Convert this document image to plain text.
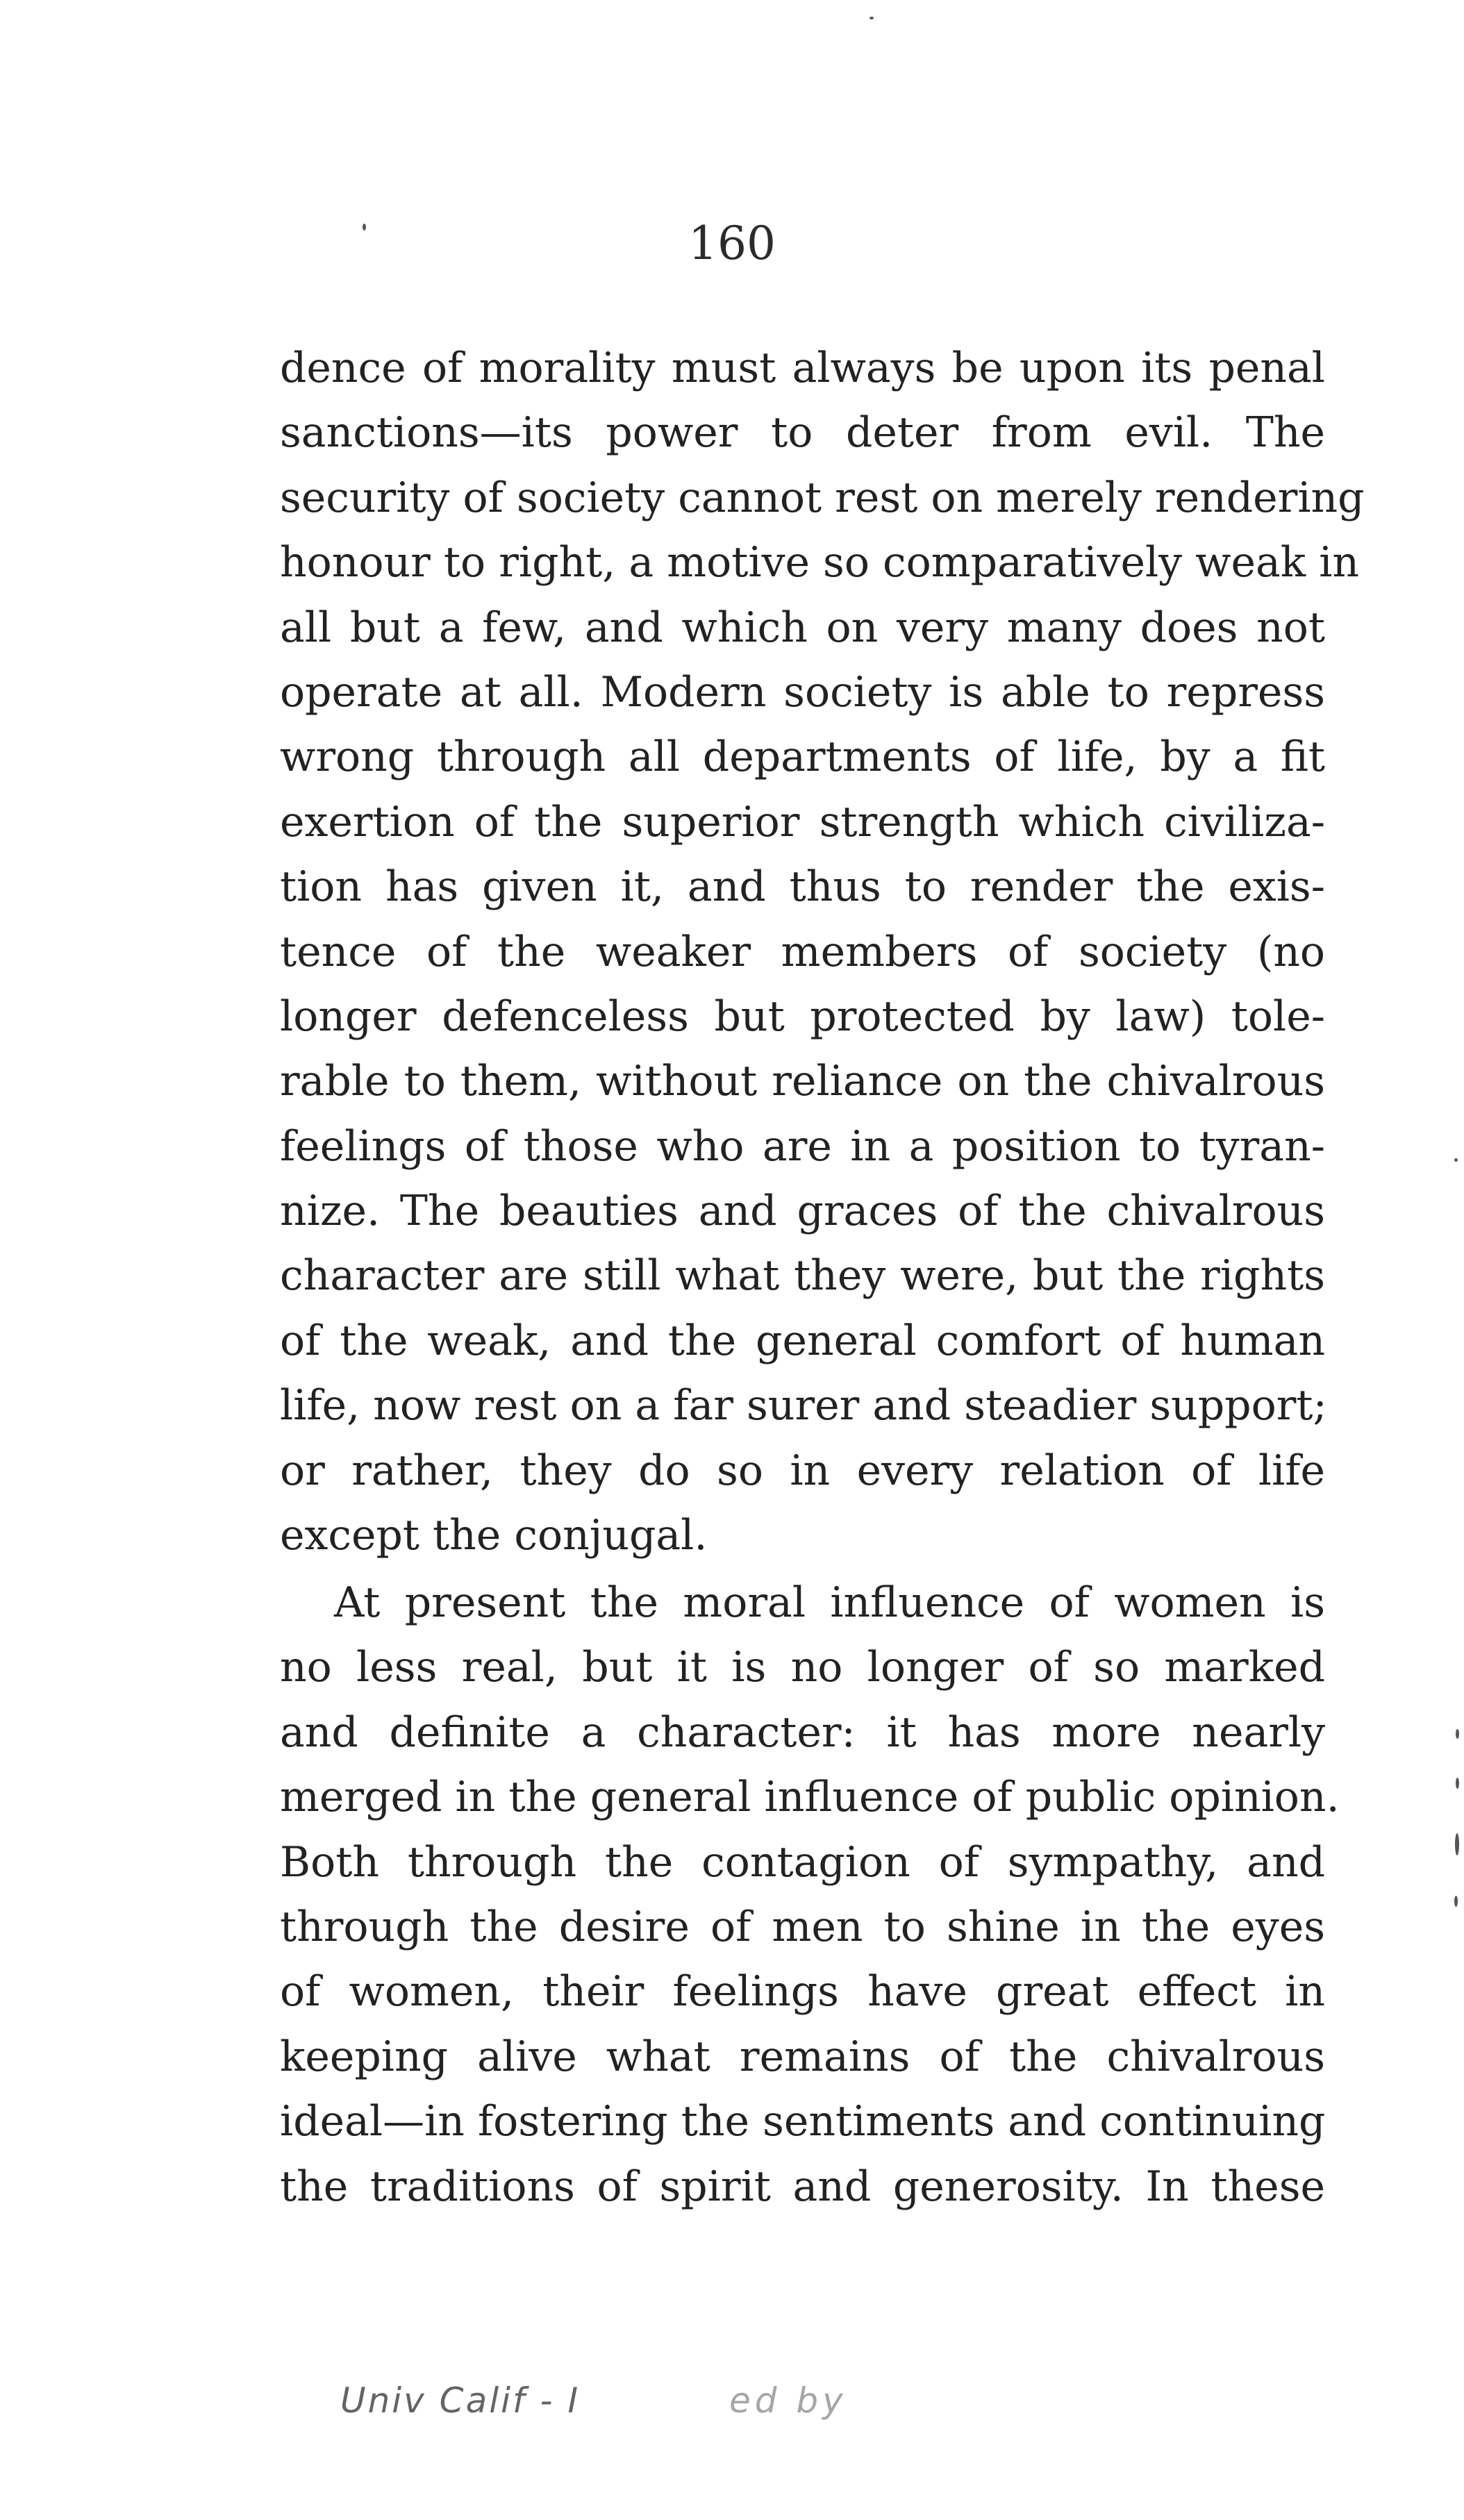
160
dence of morality must always be upon its penal
sanctions—its power to deter from evil. The
security of society cannot rest on merely rendering
honour to right, a motive so comparatively weak in
all but a few, and which on very many does not
operate at all. Modern society is able to repress
wrong through all departments of life, by a fit
exertion of the superior strength which civiliza-
tion has given it, and thus to render the exis-
tence of the weaker members of society (no
longer defenceless but protected by law) tole-
rable to them, without reliance on the chivalrous
feelings of those who are in a position to tyran-
nize. The beauties and graces of the chivalrous
character are still what they were, but the rights
of the weak, and the general comfort of human
life, now rest on a far surer and steadier support;
or rather, they do so in every relation of life
except the conjugal.
At present the moral influence of women is
no less real, but it is no longer of so marked
and definite a character: it has more nearly
merged in the general influence of public opinion.
Both through the contagion of sympathy, and
through the desire of men to shine in the eyes
of women, their feelings have great effect in
keeping alive what remains of the chivalrous
ideal—in fostering the sentiments and continuing
the traditions of spirit and generosity. In these
Univ Calif - I	ed by
